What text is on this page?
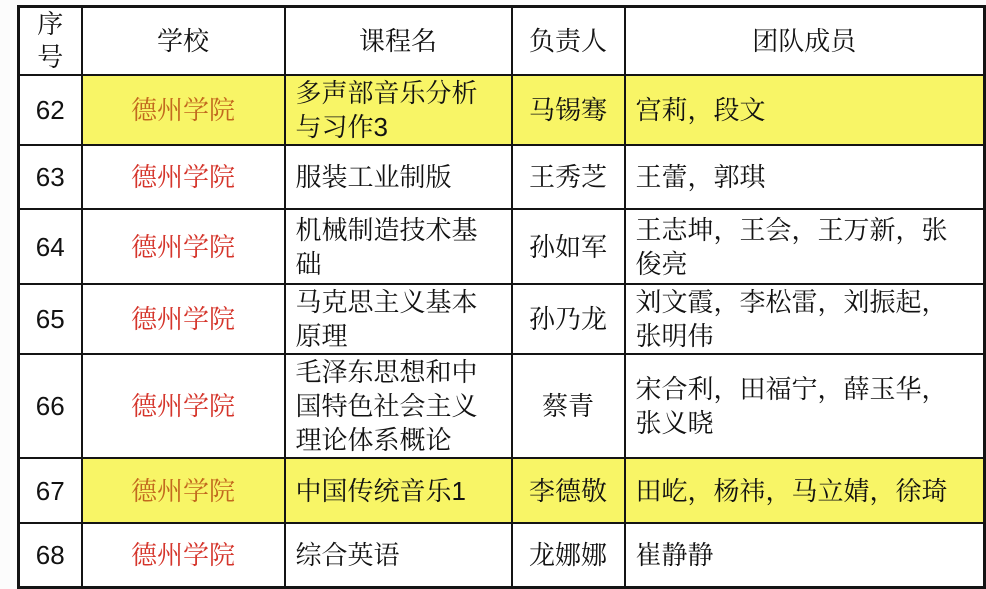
序号	学校	课程名	负责人	团队成员
62	德州学院	多声部音乐分析与习作3	马锡骞	宫莉，段文
63	德州学院	服装工业制版	王秀芝	王蕾，郭琪
64	德州学院	机械制造技术基础	孙如军	王志坤，王会，王万新，张俊亮
65	德州学院	马克思主义基本原理	孙乃龙	刘文霞，李松雷，刘振起，张明伟
66	德州学院	毛泽东思想和中国特色社会主义理论体系概论	蔡青	宋合利，田福宁，薛玉华，张义晓
67	德州学院	中国传统音乐1	李德敬	田屹，杨祎，马立婧，徐琦
68	德州学院	综合英语	龙娜娜	崔静静
